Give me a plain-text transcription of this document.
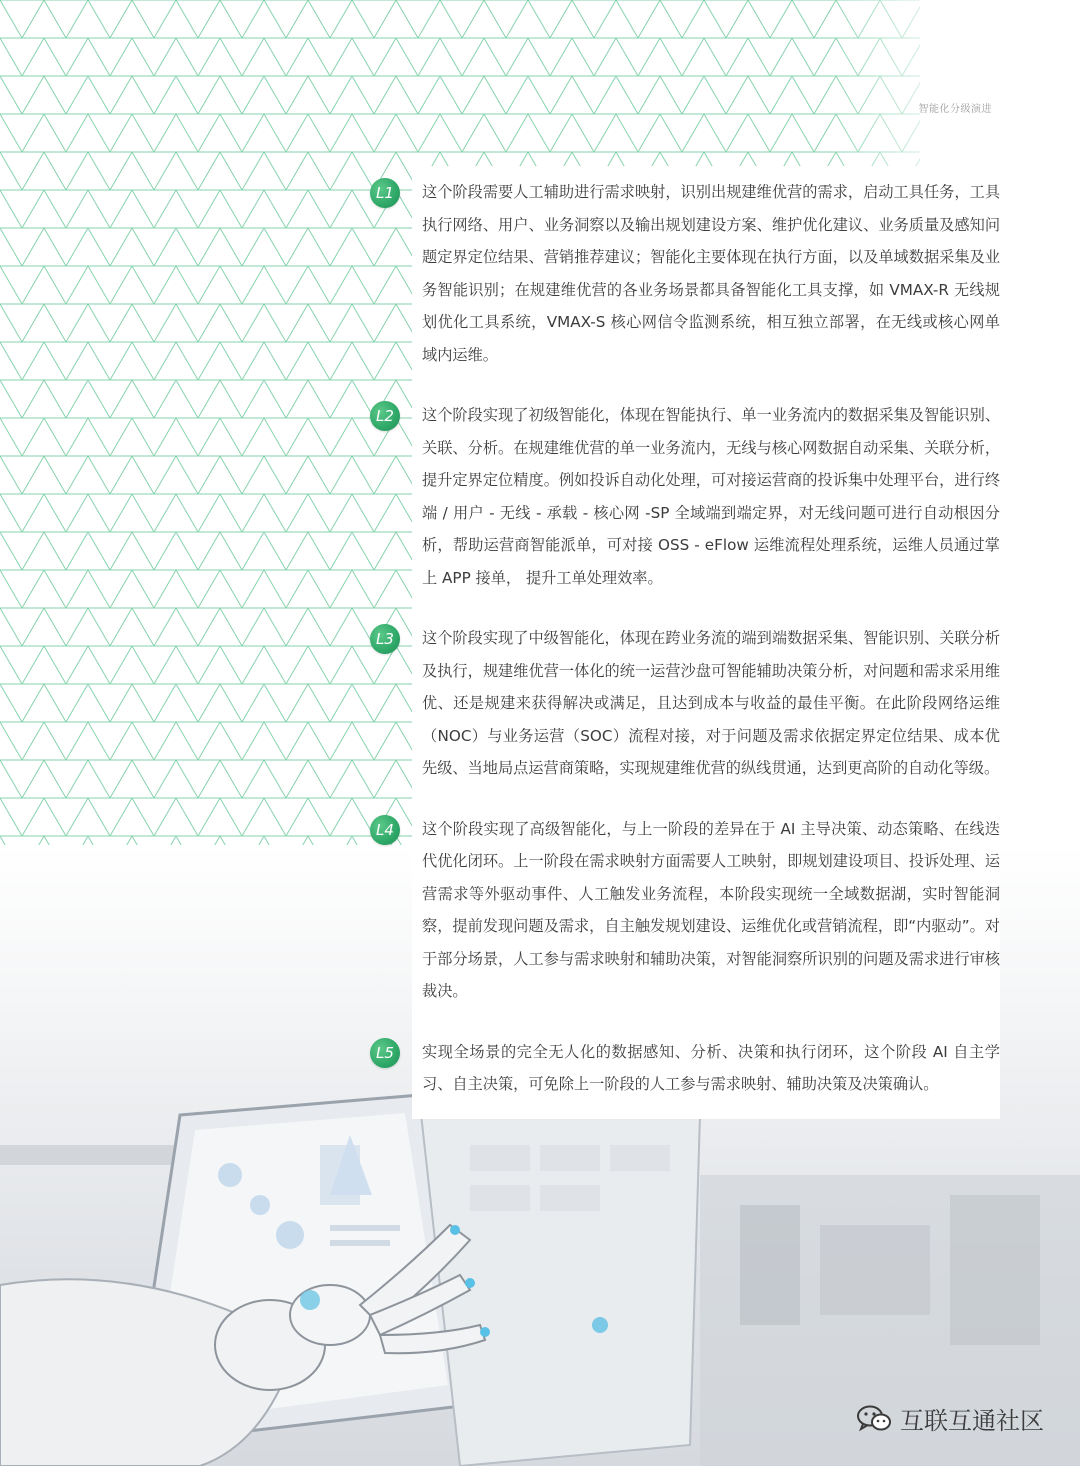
智能化分级演进
L1	这个阶段需要人工辅助进行需求映射，识别出规建维优营的需求，启动工具任务，工具执行网络、用户、业务洞察以及输出规划建设方案、维护优化建议、业务质量及感知问题定界定位结果、营销推荐建议；智能化主要体现在执行方面，以及单域数据采集及业务智能识别；在规建维优营的各业务场景都具备智能化工具支撑，如 VMAX-R 无线规划优化工具系统，VMAX-S 核心网信令监测系统，相互独立部署，在无线或核心网单域内运维。

L2	这个阶段实现了初级智能化，体现在智能执行、单一业务流内的数据采集及智能识别、关联、分析。在规建维优营的单一业务流内，无线与核心网数据自动采集、关联分析，提升定界定位精度。例如投诉自动化处理，可对接运营商的投诉集中处理平台，进行终端 / 用户 - 无线 - 承载 - 核心网 -SP 全域端到端定界，对无线问题可进行自动根因分析，帮助运营商智能派单，可对接 OSS - eFlow 运维流程处理系统，运维人员通过掌上 APP 接单， 提升工单处理效率。

L3	这个阶段实现了中级智能化，体现在跨业务流的端到端数据采集、智能识别、关联分析及执行，规建维优营一体化的统一运营沙盘可智能辅助决策分析，对问题和需求采用维优、还是规建来获得解决或满足，且达到成本与收益的最佳平衡。在此阶段网络运维（NOC）与业务运营（SOC）流程对接，对于问题及需求依据定界定位结果、成本优先级、当地局点运营商策略，实现规建维优营的纵线贯通，达到更高阶的自动化等级。

L4	这个阶段实现了高级智能化，与上一阶段的差异在于 AI 主导决策、动态策略、在线迭代优化闭环。上一阶段在需求映射方面需要人工映射，即规划建设项目、投诉处理、运营需求等外驱动事件、人工触发业务流程，本阶段实现统一全域数据湖，实时智能洞察，提前发现问题及需求，自主触发规划建设、运维优化或营销流程，即“内驱动”。对于部分场景，人工参与需求映射和辅助决策，对智能洞察所识别的问题及需求进行审核裁决。

L5	实现全场景的完全无人化的数据感知、分析、决策和执行闭环，这个阶段 AI 自主学习、自主决策，可免除上一阶段的人工参与需求映射、辅助决策及决策确认。

互联互通社区
